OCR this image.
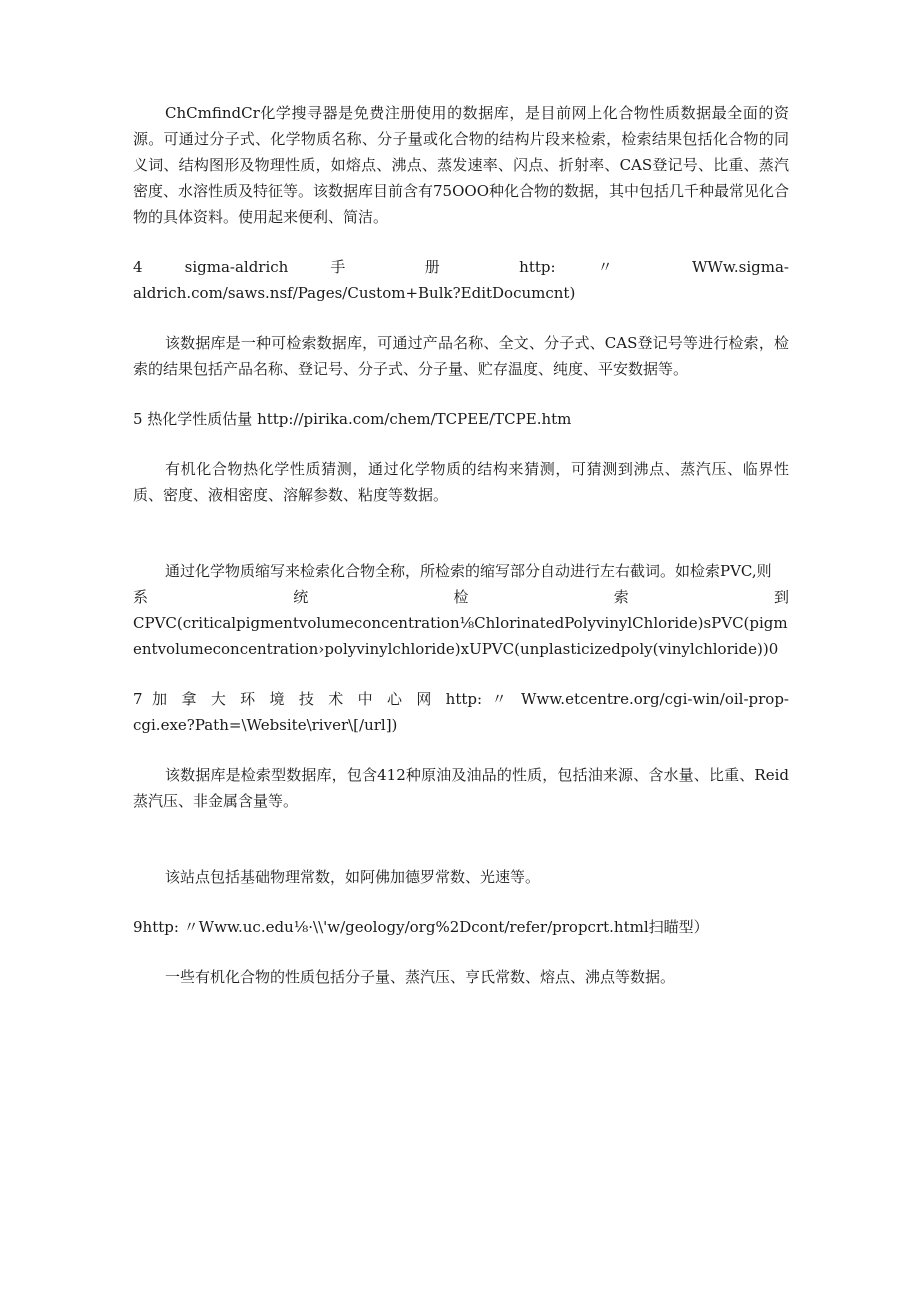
ChCmfindCr化学搜寻器是免费注册使用的数据库，是目前网上化合物性质数据最全面的资源。可通过分子式、化学物质名称、分子量或化合物的结构片段来检索，检索结果包括化合物的同义词、结构图形及物理性质，如熔点、沸点、蒸发速率、闪点、折射率、CAS登记号、比重、蒸汽密度、水溶性质及特征等。该数据库目前含有75OOO种化合物的数据，其中包括几千种最常见化合物的具体资料。使用起来便利、简洁。

4 sigma-aldrich 手 册 http: 〃 WWw.sigma-

aldrich.com/saws.nsf/Pages/Custom+Bulk?EditDocumcnt)

该数据库是一种可检索数据库，可通过产品名称、全文、分子式、CAS登记号等进行检索，检索的结果包括产品名称、登记号、分子式、分子量、贮存温度、纯度、平安数据等。

5 热化学性质估量 http://pirika.com/chem/TCPEE/TCPE.htm

有机化合物热化学性质猜测，通过化学物质的结构来猜测，可猜测到沸点、蒸汽压、临界性质、密度、液相密度、溶解参数、粘度等数据。

通过化学物质缩写来检索化合物全称，所检索的缩写部分自动进行左右截词。如检索PVC,则

系 统 检 索 到

CPVC(criticalpigmentvolumeconcentration⅛ChlorinatedPolyvinylChloride)sPVC(pigmentvolumeconcentration›polyvinylchloride)xUPVC(unplasticizedpoly(vinylchloride))0

7 加 拿 大 环 境 技 术 中 心 网 http: 〃 Www.etcentre.org∕cgi-win∕oil-prop-

cgi.exe?Path=\Website\river\[∕url])

该数据库是检索型数据库，包含412种原油及油品的性质，包括油来源、含水量、比重、Reid蒸汽压、非金属含量等。

该站点包括基础物理常数，如阿佛加德罗常数、光速等。

9http: 〃Www.uc.edu⅛·\\'w∕geology/org%2Dcont/refer/propcrt.html扫瞄型）

一些有机化合物的性质包括分子量、蒸汽压、亨氏常数、熔点、沸点等数据。
